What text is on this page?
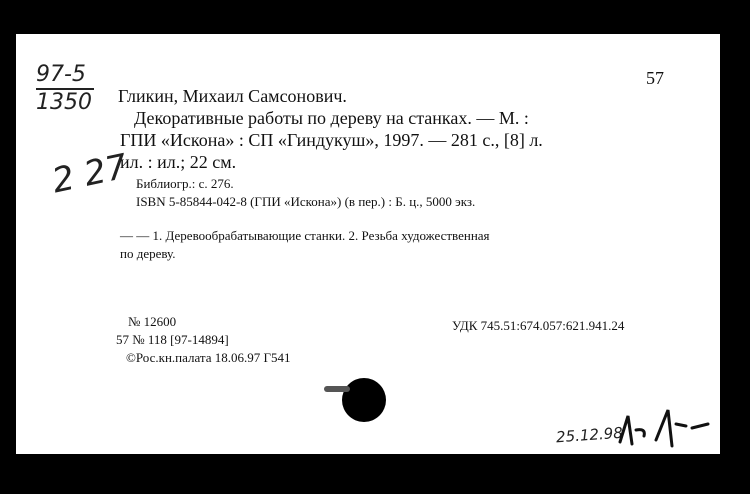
97-5
1350
2 27
57
Гликин, Михаил Самсонович.
Декоративные работы по дереву на станках. — М. :
ГПИ «Искона» : СП «Гиндукуш», 1997. — 281 с., [8] л.
ил. : ил.; 22 см.
Библиогр.: с. 276.
ISBN 5-85844-042-8 (ГПИ «Искона») (в пер.) : Б. ц., 5000 экз.
— — 1. Деревообрабатывающие станки. 2. Резьба художественная
по дереву.
№ 12600
57 № 118 [97-14894]
©Рос.кн.палата 18.06.97 Г541
УДК 745.51:674.057:621.941.24
25.12.98
